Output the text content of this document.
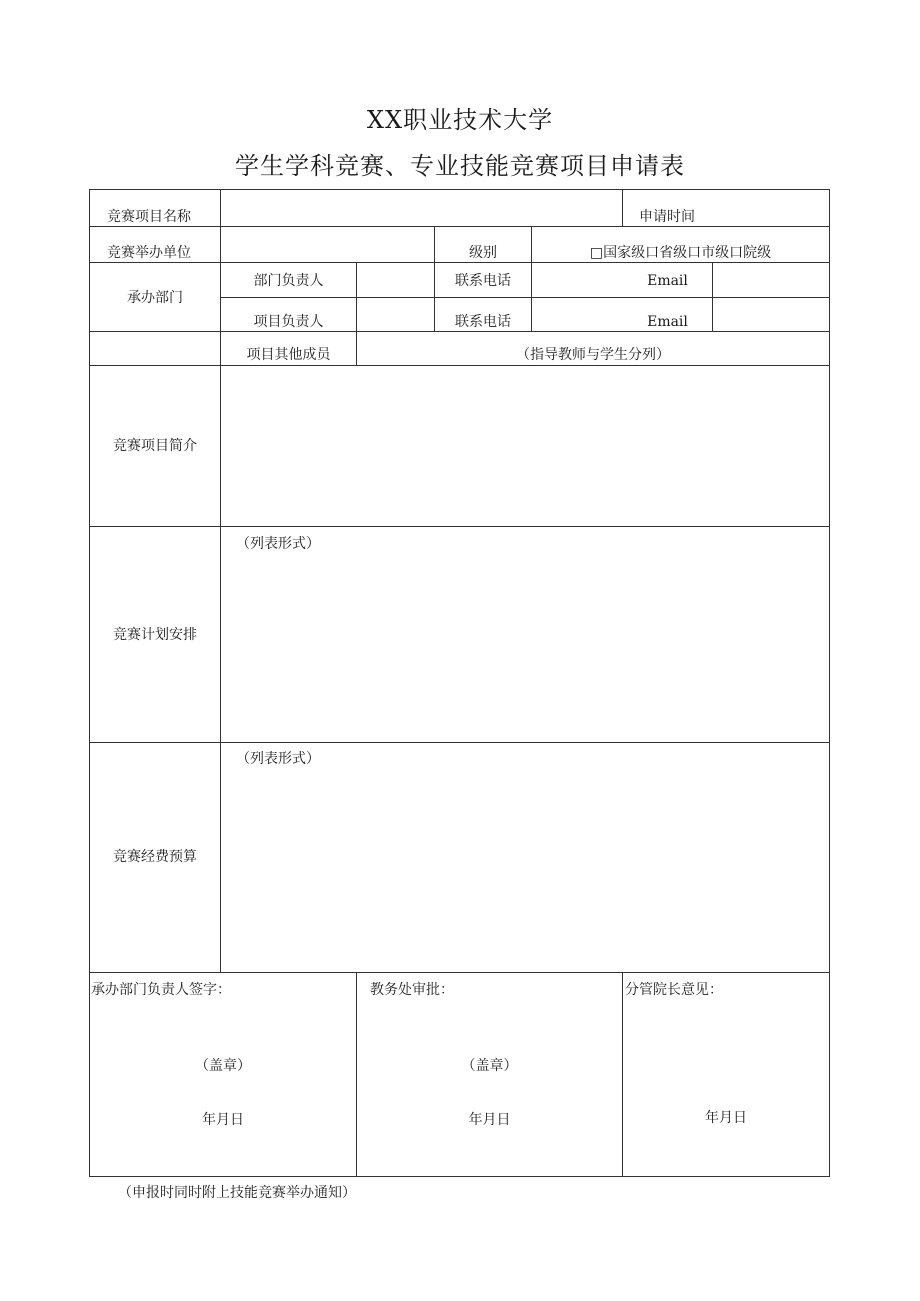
XX职业技术大学
学生学科竞赛、专业技能竞赛项目申请表
竞赛项目名称	申请时间
竞赛举办单位	级别	□国家级口省级口市级口院级
承办部门
部门负责人	联系电话	Email
项目负责人	联系电话	Email
项目其他成员	（指导教师与学生分列）
竞赛项目简介
竞赛计划安排
（列表形式）
竞赛经费预算
（列表形式）
承办部门负责人签字：
（盖章）
年月日
教务处审批：
（盖章）
年月日
分管院长意见：
年月日
（申报时同时附上技能竞赛举办通知）
